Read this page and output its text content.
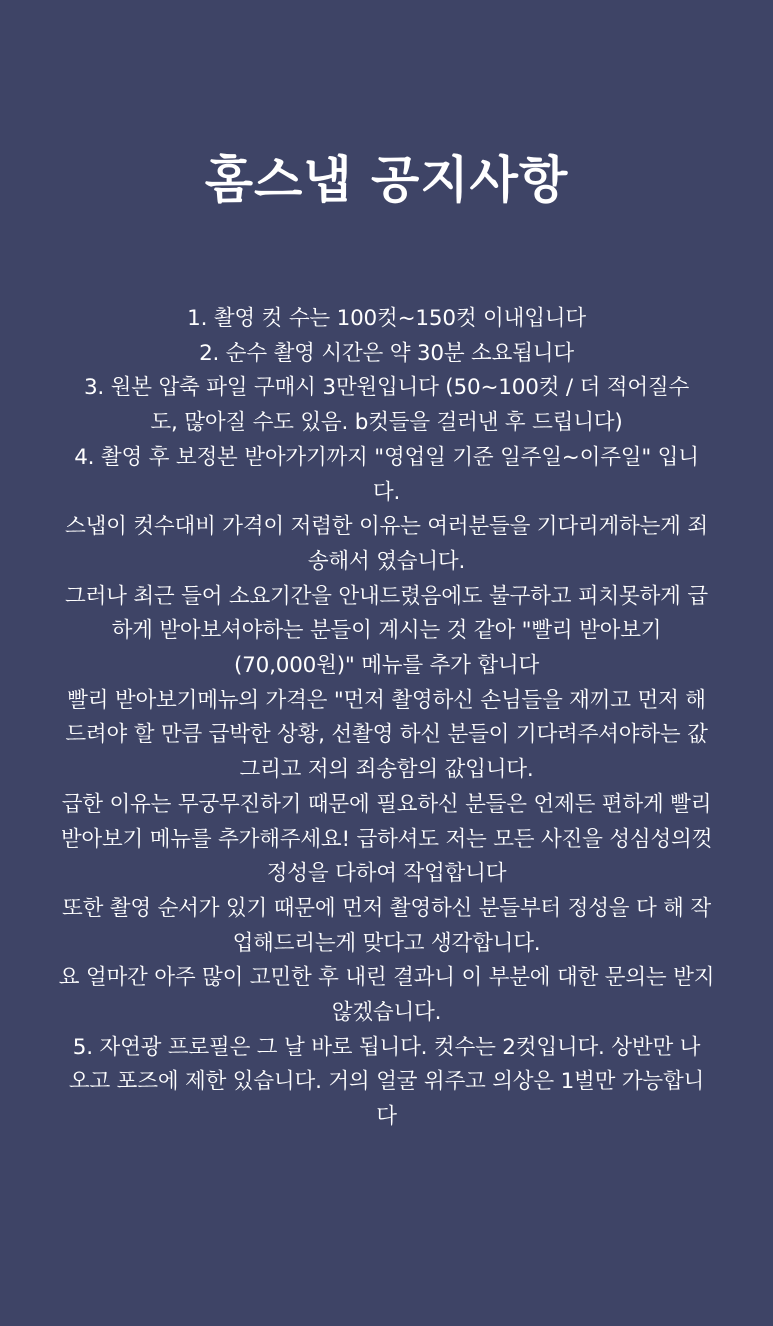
홈스냅 공지사항
1. 촬영 컷 수는 100컷~150컷 이내입니다
2. 순수 촬영 시간은 약 30분 소요됩니다
3. 원본 압축 파일 구매시 3만원입니다 (50~100컷 / 더 적어질수
도, 많아질 수도 있음. b컷들을 걸러낸 후 드립니다)
4. 촬영 후 보정본 받아가기까지 "영업일 기준 일주일~이주일" 입니
다.
스냅이 컷수대비 가격이 저렴한 이유는 여러분들을 기다리게하는게 죄
송해서 였습니다.
그러나 최근 들어 소요기간을 안내드렸음에도 불구하고 피치못하게 급
하게 받아보셔야하는 분들이 계시는 것 같아 "빨리 받아보기
(70,000원)" 메뉴를 추가 합니다
빨리 받아보기메뉴의 가격은 "먼저 촬영하신 손님들을 재끼고 먼저 해
드려야 할 만큼 급박한 상황, 선촬영 하신 분들이 기다려주셔야하는 값
그리고 저의 죄송함의 값입니다.
급한 이유는 무궁무진하기 때문에 필요하신 분들은 언제든 편하게 빨리
받아보기 메뉴를 추가해주세요! 급하셔도 저는 모든 사진을 성심성의껏
정성을 다하여 작업합니다
또한 촬영 순서가 있기 때문에 먼저 촬영하신 분들부터 정성을 다 해 작
업해드리는게 맞다고 생각합니다.
요 얼마간 아주 많이 고민한 후 내린 결과니 이 부분에 대한 문의는 받지
않겠습니다.
5. 자연광 프로필은 그 날 바로 됩니다. 컷수는 2컷입니다. 상반만 나
오고 포즈에 제한 있습니다. 거의 얼굴 위주고 의상은 1벌만 가능합니
다
